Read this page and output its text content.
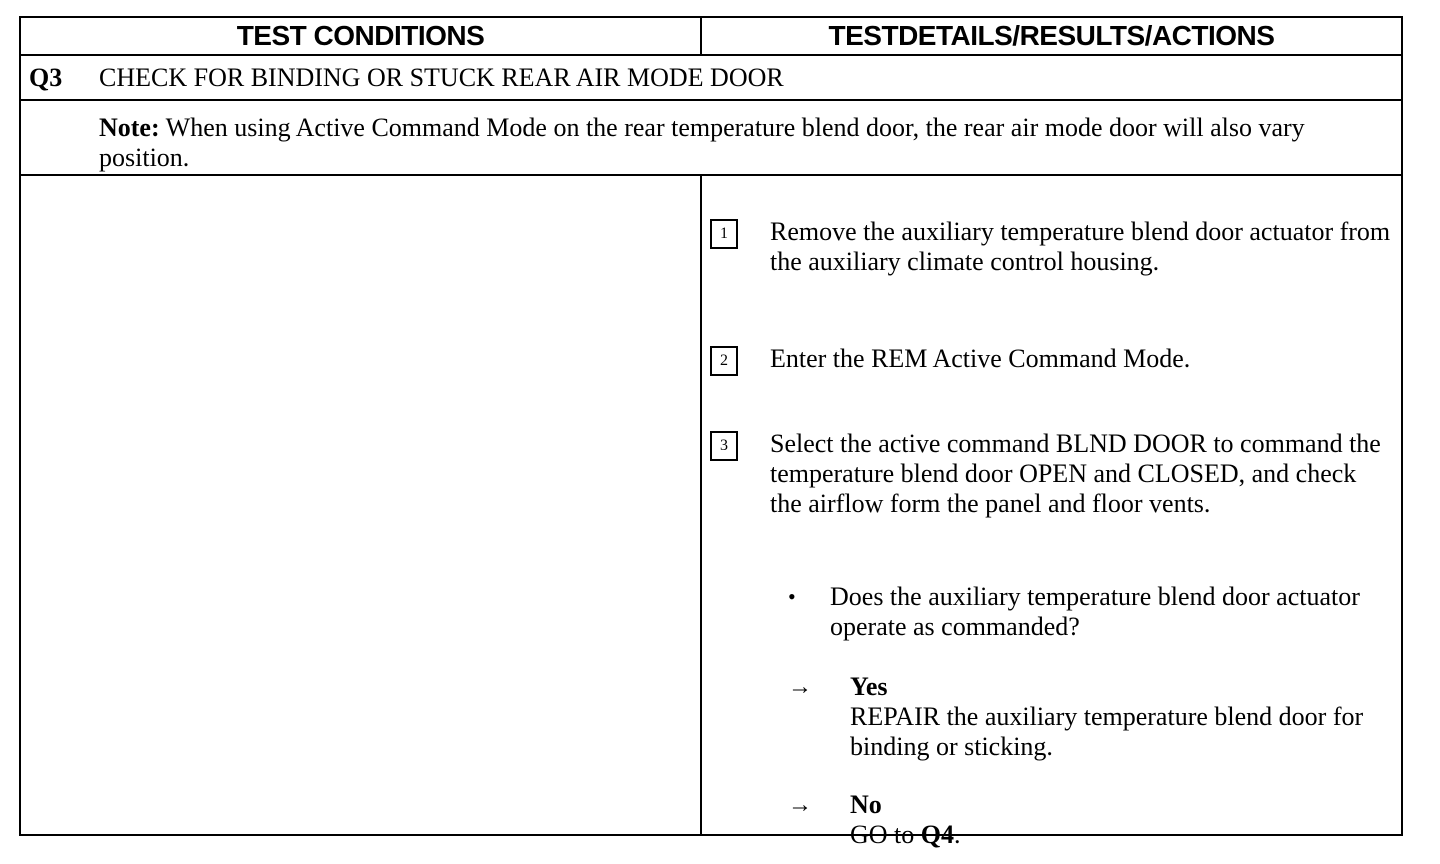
TEST CONDITIONS	TESTDETAILS/RESULTS/ACTIONS
Q3	CHECK FOR BINDING OR STUCK REAR AIR MODE DOOR
Note: When using Active Command Mode on the rear temperature blend door, the rear air mode door will also vary position.
1	Remove the auxiliary temperature blend door actuator from the auxiliary climate control housing.
2	Enter the REM Active Command Mode.
3	Select the active command BLND DOOR to command the temperature blend door OPEN and CLOSED, and check the airflow form the panel and floor vents.
• Does the auxiliary temperature blend door actuator operate as commanded?
→ Yes
REPAIR the auxiliary temperature blend door for binding or sticking.
→ No
GO to Q4.
